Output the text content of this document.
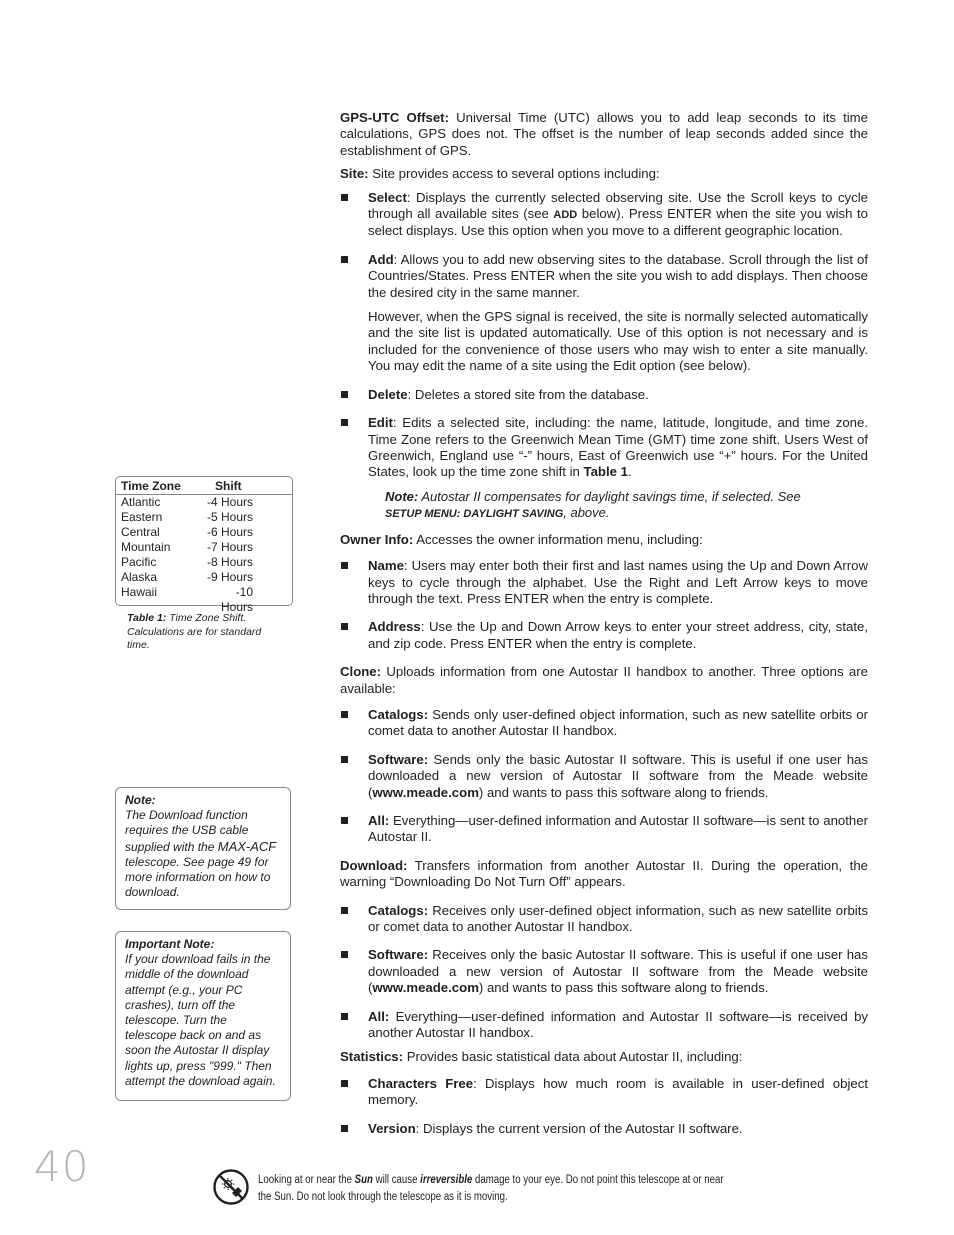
GPS-UTC Offset: Universal Time (UTC) allows you to add leap seconds to its time calculations, GPS does not. The offset is the number of leap seconds added since the establishment of GPS.

Site: Site provides access to several options including:

Select: Displays the currently selected observing site. Use the Scroll keys to cycle through all available sites (see ADD below). Press ENTER when the site you wish to select displays. Use this option when you move to a different geographic location.

Add: Allows you to add new observing sites to the database. Scroll through the list of Countries/States. Press ENTER when the site you wish to add displays. Then choose the desired city in the same manner.

However, when the GPS signal is received, the site is normally selected automatically and the site list is updated automatically. Use of this option is not necessary and is included for the convenience of those users who may wish to enter a site manually. You may edit the name of a site using the Edit option (see below).

Delete: Deletes a stored site from the database.

Edit: Edits a selected site, including: the name, latitude, longitude, and time zone. Time Zone refers to the Greenwich Mean Time (GMT) time zone shift. Users West of Greenwich, England use “-” hours, East of Greenwich use “+” hours. For the United States, look up the time zone shift in Table 1.

Note: Autostar II compensates for daylight savings time, if selected. See
SETUP MENU: DAYLIGHT SAVING, above.

Owner Info: Accesses the owner information menu, including:

Name: Users may enter both their first and last names using the Up and Down Arrow keys to cycle through the alphabet. Use the Right and Left Arrow keys to move through the text. Press ENTER when the entry is complete.

Address: Use the Up and Down Arrow keys to enter your street address, city, state, and zip code. Press ENTER when the entry is complete.

Clone: Uploads information from one Autostar II handbox to another. Three options are available:

Catalogs: Sends only user-defined object information, such as new satellite orbits or comet data to another Autostar II handbox.

Software: Sends only the basic Autostar II software. This is useful if one user has downloaded a new version of Autostar II software from the Meade website (www.meade.com) and wants to pass this software along to friends.

All: Everything—user-defined information and Autostar II software—is sent to another Autostar II.

Download: Transfers information from another Autostar II. During the operation, the warning “Downloading Do Not Turn Off” appears.

Catalogs: Receives only user-defined object information, such as new satellite orbits or comet data to another Autostar II handbox.

Software: Receives only the basic Autostar II software. This is useful if one user has downloaded a new version of Autostar II software from the Meade website (www.meade.com) and wants to pass this software along to friends.

All: Everything—user-defined information and Autostar II software—is received by another Autostar II handbox.

Statistics: Provides basic statistical data about Autostar II, including:

Characters Free: Displays how much room is available in user-defined object memory.

Version: Displays the current version of the Autostar II software.

Time Zone	Shift
Atlantic	-4 Hours
Eastern	-5 Hours
Central	-6 Hours
Mountain	-7 Hours
Pacific	-8 Hours
Alaska	-9 Hours
Hawaii	-10 Hours
Table 1: Time Zone Shift. Calculations are for standard time.
Note:
The Download function requires the USB cable supplied with the MAX-ACF telescope. See page 49 for more information on how to download.
Important Note:
If your download fails in the middle of the download attempt (e.g., your PC crashes), turn off the telescope. Turn the telescope back on and as soon the Autostar II display lights up, press "999." Then attempt the download again.
40	Looking at or near the Sun will cause irreversible damage to your eye. Do not point this telescope at or near the Sun. Do not look through the telescope as it is moving.
